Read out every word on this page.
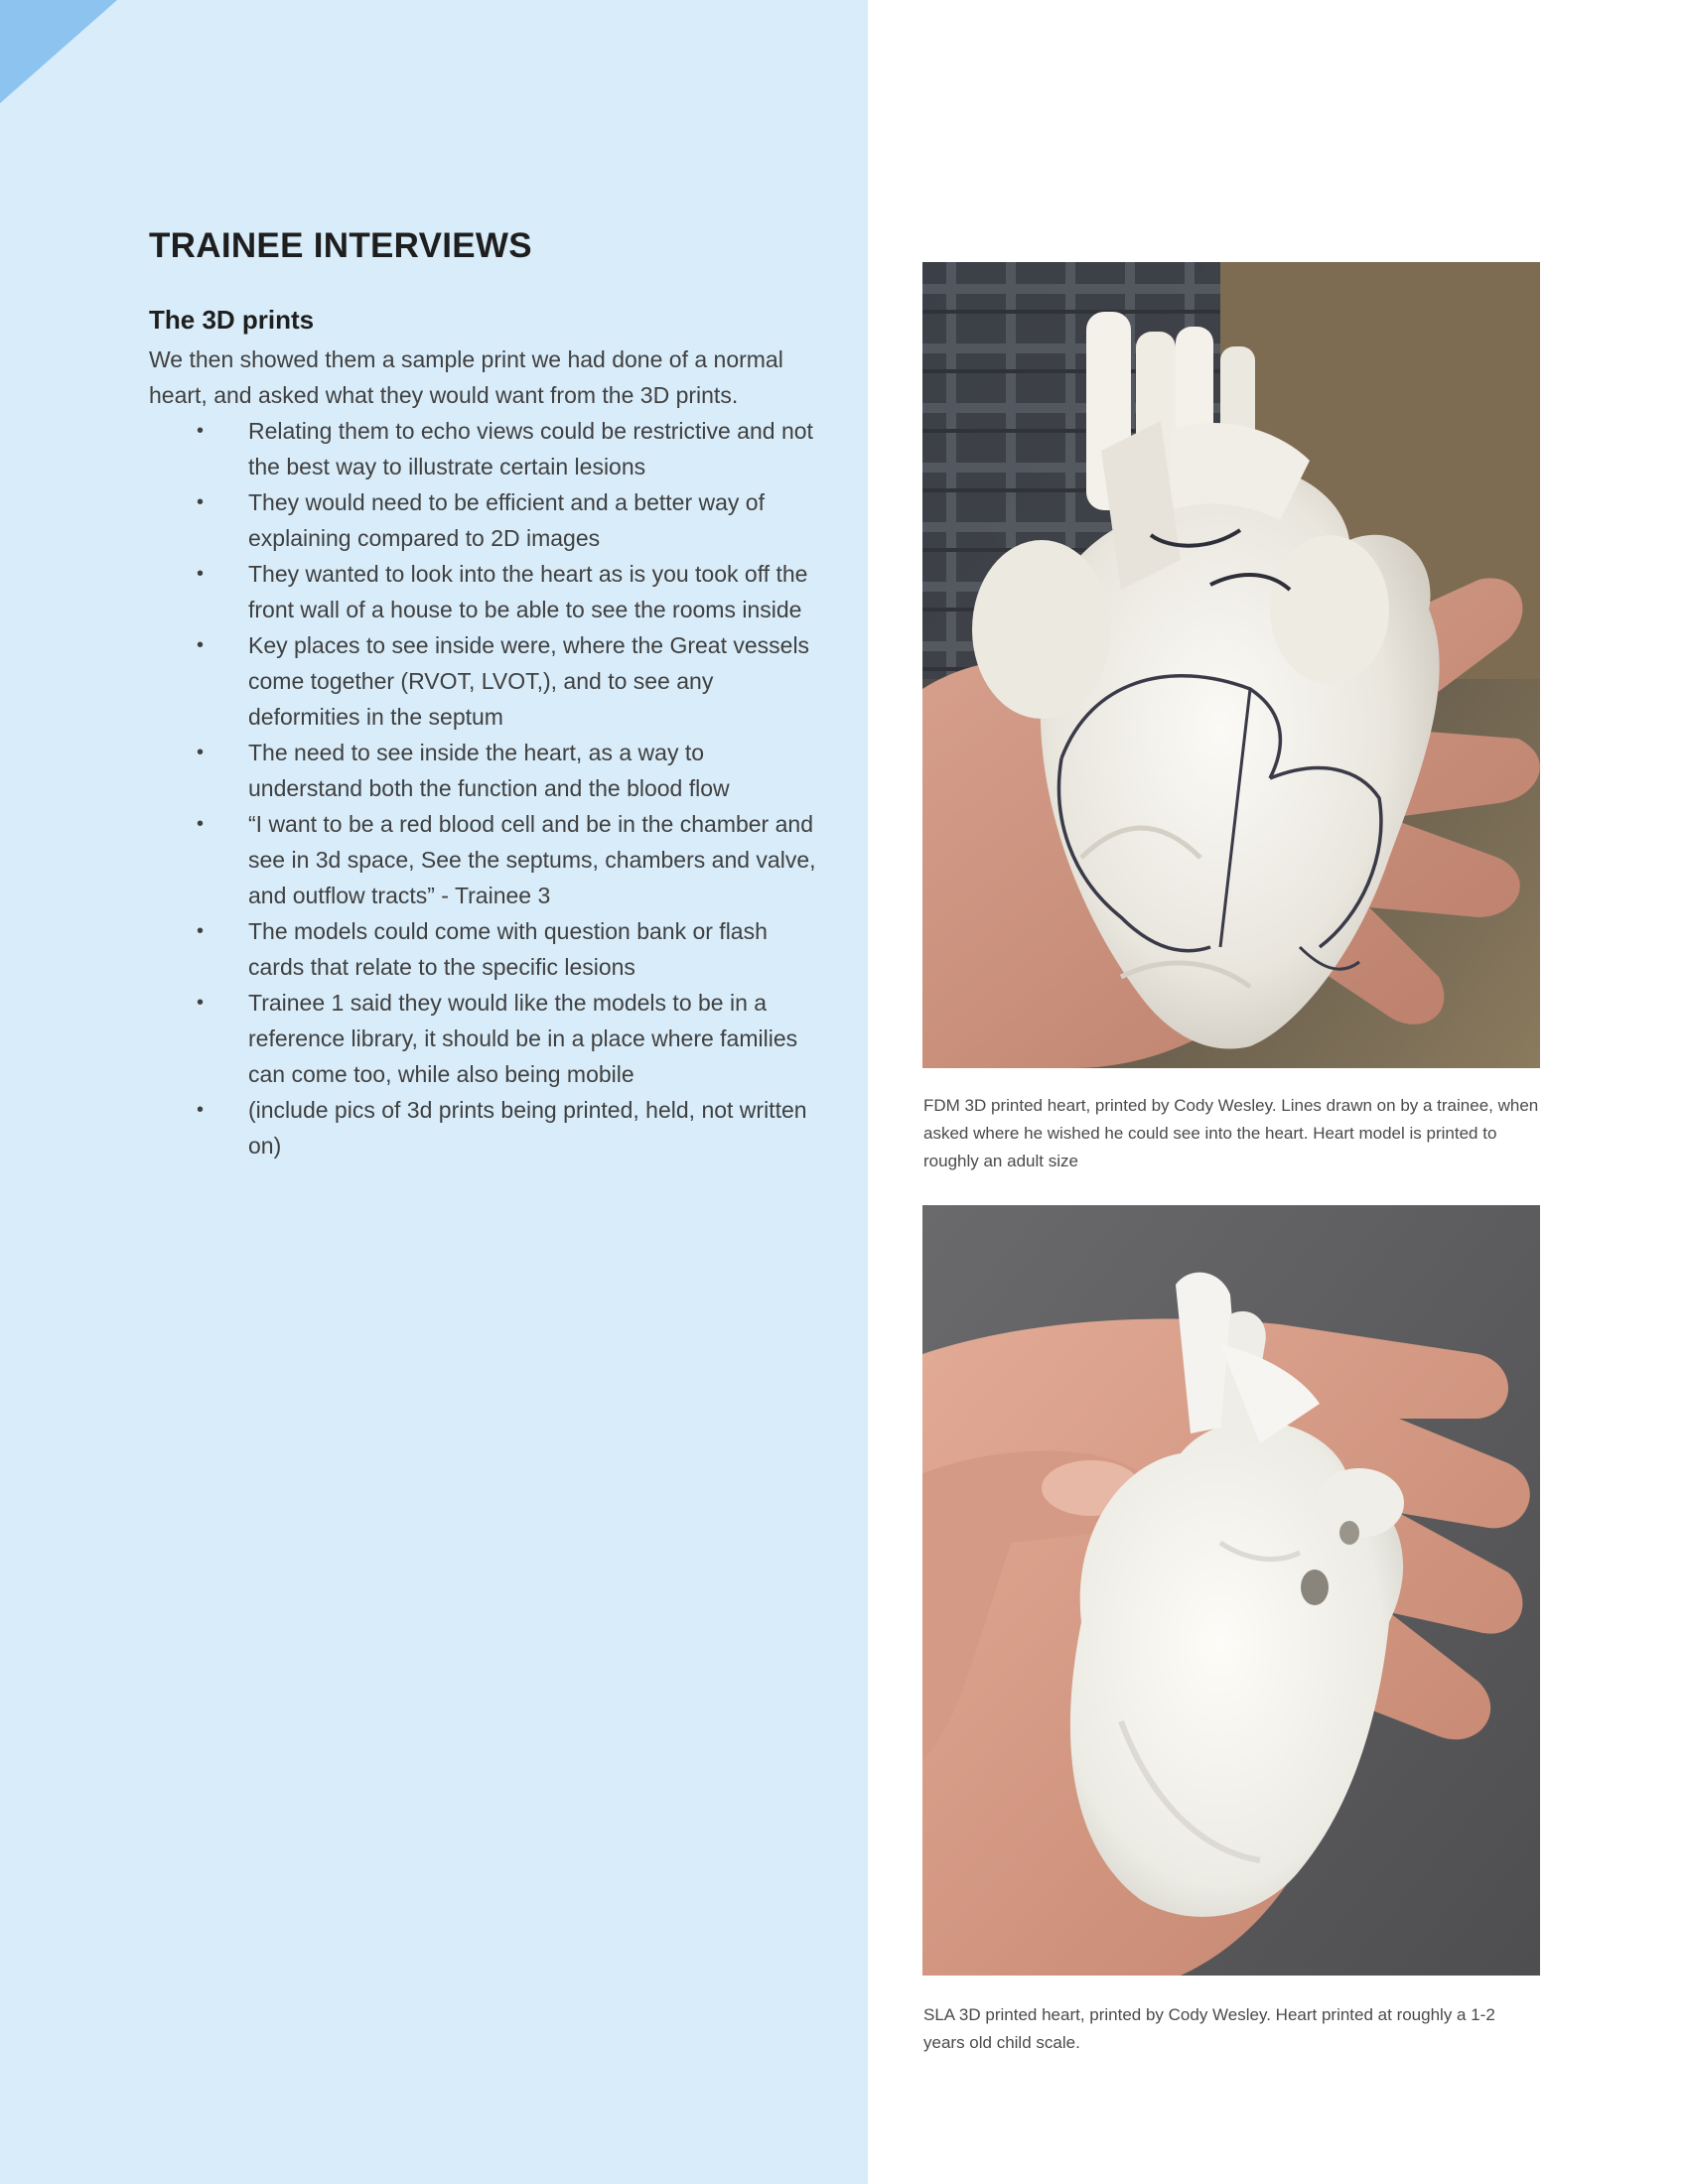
TRAINEE INTERVIEWS
The 3D prints

We then showed them a sample print we had done of a normal heart, and asked what they would want from the 3D prints.

• Relating them to echo views could be restrictive and not the best way to illustrate certain lesions
• They would need to be efficient and a better way of explaining compared to 2D images
• They wanted to look into the heart as is you took off the front wall of a house to be able to see the rooms inside
• Key places to see inside were, where the Great vessels come together (RVOT, LVOT,), and to see any deformities in the septum
• The need to see inside the heart, as a way to understand both the function and the blood flow
• “I want to be a red blood cell and be in the chamber and see in 3d space, See the septums, chambers and valve, and outflow tracts” - Trainee 3
• The models could come with question bank or flash cards that relate to the specific lesions
• Trainee 1 said they would like the models to be in a reference library, it should be in a place where families can come too, while also being mobile
• (include pics of 3d prints being printed, held, not written on)

FDM 3D printed heart, printed by Cody Wesley. Lines drawn on by a trainee, when asked where he wished he could see into the heart. Heart model is printed to roughly an adult size

SLA 3D printed heart, printed by Cody Wesley. Heart printed at roughly a 1-2 years old child scale.
